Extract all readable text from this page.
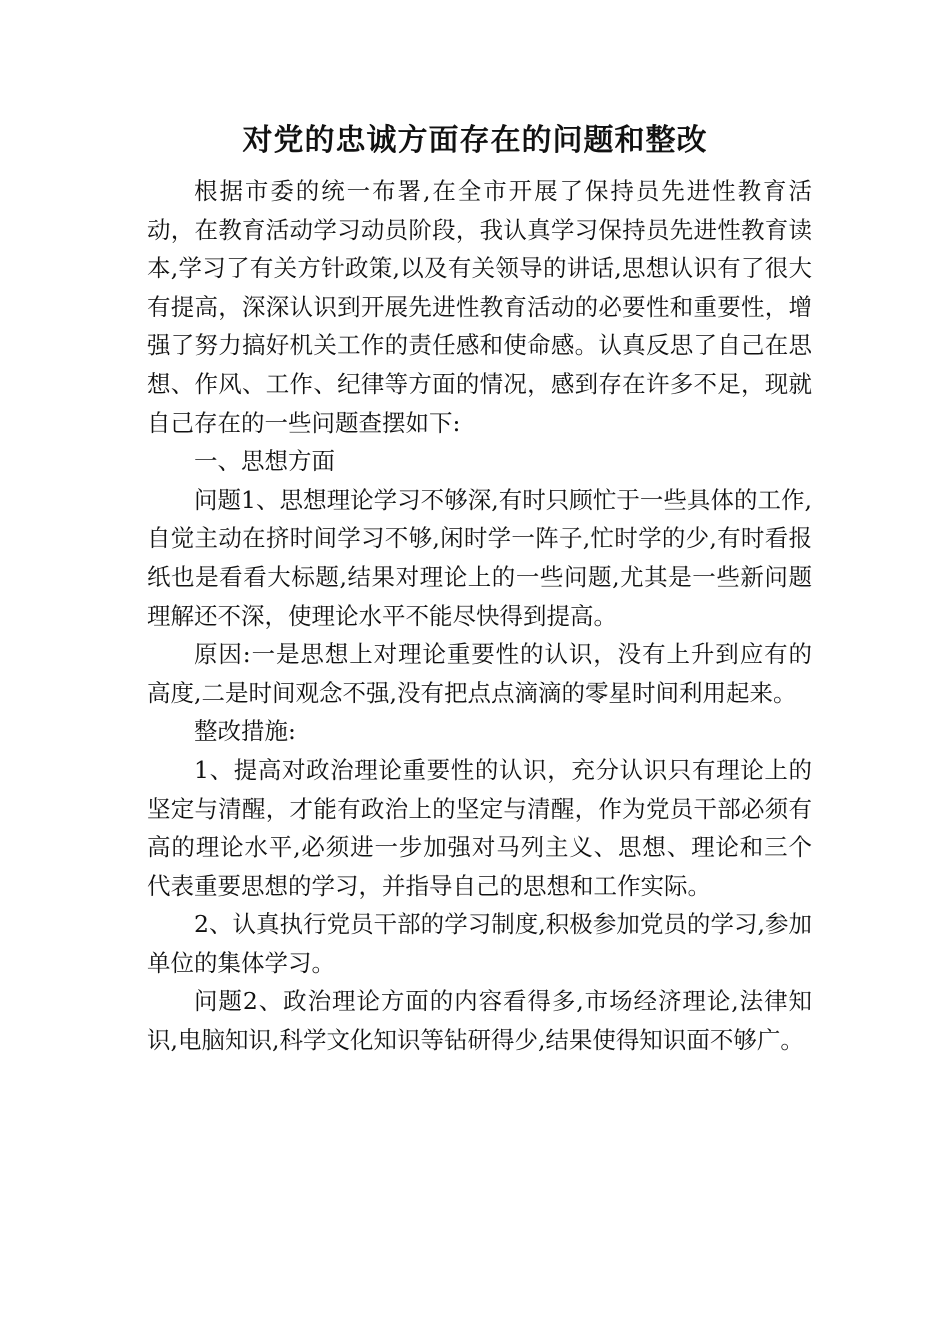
对党的忠诚方面存在的问题和整改

根据市委的统一布署,在全市开展了保持员先进性教育活动，在教育活动学习动员阶段，我认真学习保持员先进性教育读本,学习了有关方针政策,以及有关领导的讲话,思想认识有了很大有提高，深深认识到开展先进性教育活动的必要性和重要性，增强了努力搞好机关工作的责任感和使命感。认真反思了自己在思想、作风、工作、纪律等方面的情况，感到存在许多不足，现就自己存在的一些问题查摆如下:

一、思想方面

问题1、思想理论学习不够深,有时只顾忙于一些具体的工作,自觉主动在挤时间学习不够,闲时学一阵子,忙时学的少,有时看报纸也是看看大标题,结果对理论上的一些问题,尤其是一些新问题理解还不深，使理论水平不能尽快得到提高。

原因:一是思想上对理论重要性的认识，没有上升到应有的高度,二是时间观念不强,没有把点点滴滴的零星时间利用起来。

整改措施:

1、提高对政治理论重要性的认识，充分认识只有理论上的坚定与清醒，才能有政治上的坚定与清醒，作为党员干部必须有高的理论水平,必须进一步加强对马列主义、思想、理论和三个代表重要思想的学习，并指导自己的思想和工作实际。

2、认真执行党员干部的学习制度,积极参加党员的学习,参加单位的集体学习。

问题2、政治理论方面的内容看得多,市场经济理论,法律知识,电脑知识,科学文化知识等钻研得少,结果使得知识面不够广。
